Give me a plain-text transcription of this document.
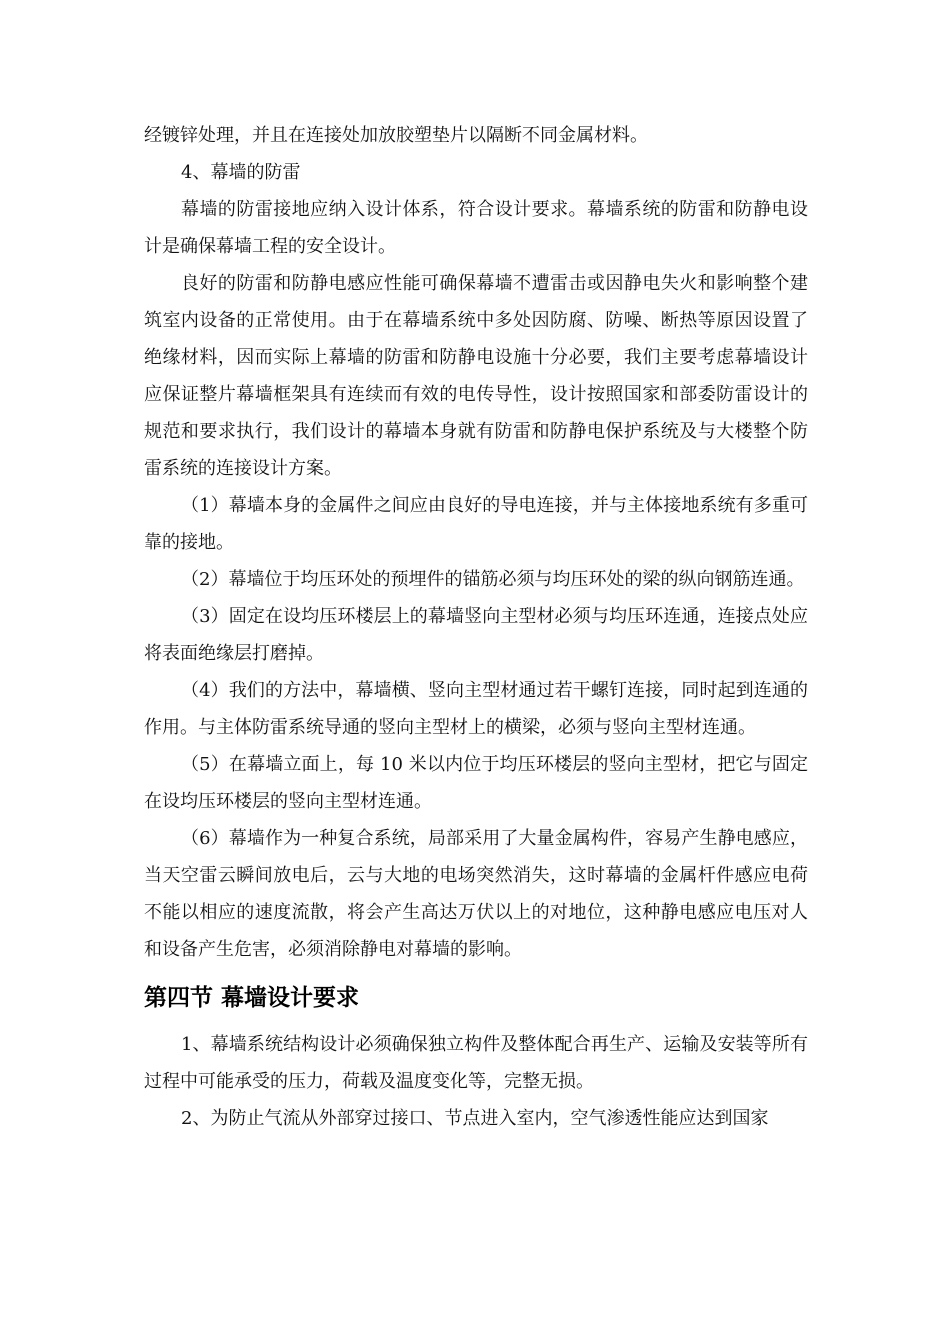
经镀锌处理，并且在连接处加放胶塑垫片以隔断不同金属材料。

4、幕墙的防雷

幕墙的防雷接地应纳入设计体系，符合设计要求。幕墙系统的防雷和防静电设计是确保幕墙工程的安全设计。

良好的防雷和防静电感应性能可确保幕墙不遭雷击或因静电失火和影响整个建筑室内设备的正常使用。由于在幕墙系统中多处因防腐、防噪、断热等原因设置了绝缘材料，因而实际上幕墙的防雷和防静电设施十分必要，我们主要考虑幕墙设计应保证整片幕墙框架具有连续而有效的电传导性，设计按照国家和部委防雷设计的规范和要求执行，我们设计的幕墙本身就有防雷和防静电保护系统及与大楼整个防雷系统的连接设计方案。

（1）幕墙本身的金属件之间应由良好的导电连接，并与主体接地系统有多重可靠的接地。

（2）幕墙位于均压环处的预埋件的锚筋必须与均压环处的梁的纵向钢筋连通。

（3）固定在设均压环楼层上的幕墙竖向主型材必须与均压环连通，连接点处应将表面绝缘层打磨掉。

（4）我们的方法中，幕墙横、竖向主型材通过若干螺钉连接，同时起到连通的作用。与主体防雷系统导通的竖向主型材上的横梁，必须与竖向主型材连通。

（5）在幕墙立面上，每 10 米以内位于均压环楼层的竖向主型材，把它与固定在设均压环楼层的竖向主型材连通。

（6）幕墙作为一种复合系统，局部采用了大量金属构件，容易产生静电感应，当天空雷云瞬间放电后，云与大地的电场突然消失，这时幕墙的金属杆件感应电荷不能以相应的速度流散，将会产生高达万伏以上的对地位，这种静电感应电压对人和设备产生危害，必须消除静电对幕墙的影响。

第四节 幕墙设计要求

1、幕墙系统结构设计必须确保独立构件及整体配合再生产、运输及安装等所有过程中可能承受的压力，荷载及温度变化等，完整无损。

2、为防止气流从外部穿过接口、节点进入室内，空气渗透性能应达到国家
